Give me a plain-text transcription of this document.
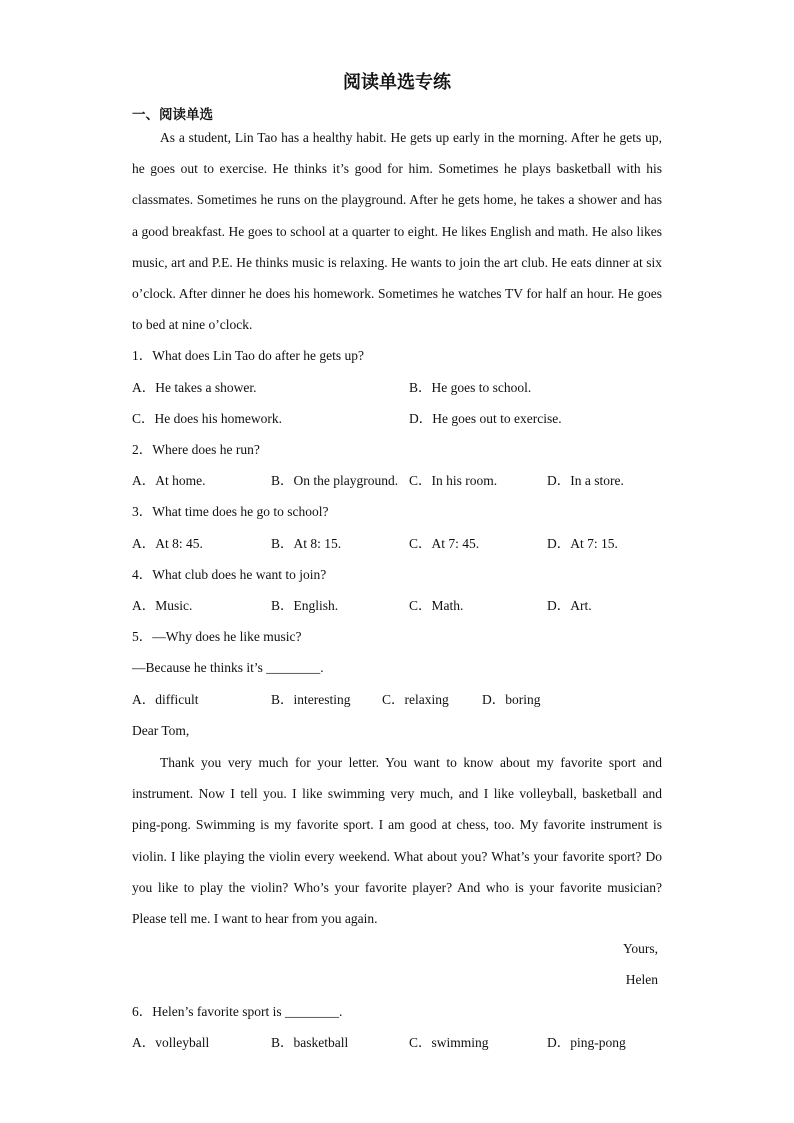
阅读单选专练
一、阅读单选

As a student, Lin Tao has a healthy habit. He gets up early in the morning. After he gets up, he goes out to exercise. He thinks it’s good for him. Sometimes he plays basketball with his classmates. Sometimes he runs on the playground. After he gets home, he takes a shower and has a good breakfast. He goes to school at a quarter to eight. He likes English and math. He also likes music, art and P.E. He thinks music is relaxing. He wants to join the art club. He eats dinner at six o’clock. After dinner he does his homework. Sometimes he watches TV for half an hour. He goes to bed at nine o’clock.

1．What does Lin Tao do after he gets up?
A．He takes a shower.	B．He goes to school.
C．He does his homework.	D．He goes out to exercise.
2．Where does he run?
A．At home.	B．On the playground. C．In his room.	D．In a store.
3．What time does he go to school?
A．At 8: 45.	B．At 8: 15.	C．At 7: 45.	D．At 7: 15.
4．What club does he want to join?
A．Music.	B．English.	C．Math.	D．Art.
5．—Why does he like music?
—Because he thinks it’s ________.
A．difficult	B．interesting C．relaxing D．boring
Dear Tom,

Thank you very much for your letter. You want to know about my favorite sport and instrument. Now I tell you. I like swimming very much, and I like volleyball, basketball and ping-pong. Swimming is my favorite sport. I am good at chess, too. My favorite instrument is violin. I like playing the violin every weekend. What about you? What’s your favorite sport? Do you like to play the violin? Who’s your favorite player? And who is your favorite musician? Please tell me. I want to hear from you again.

Yours,
Helen
6．Helen’s favorite sport is ________.
A．volleyball	B．basketball	C．swimming	D．ping-pong
